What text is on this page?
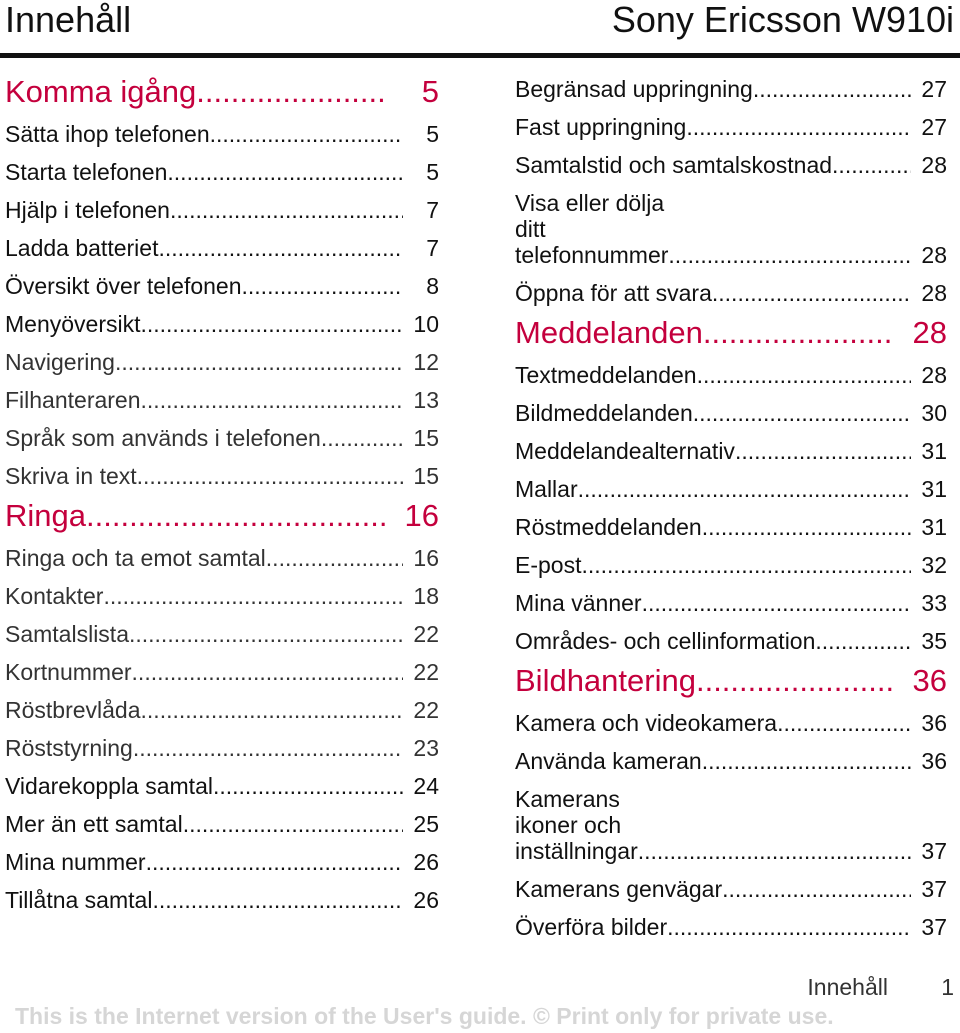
Innehåll	Sony Ericsson W910i
Komma igång .....	5
Sätta ihop telefonen .....	5
Starta telefonen .....	5
Hjälp i telefonen .....	7
Ladda batteriet .....	7
Översikt över telefonen .....	8
Menyöversikt .....	10
Navigering .....	12
Filhanteraren .....	13
Språk som används i telefonen .....	15
Skriva in text .....	15
Ringa .....	16
Ringa och ta emot samtal .....	16
Kontakter .....	18
Samtalslista .....	22
Kortnummer .....	22
Röstbrevlåda .....	22
Röststyrning .....	23
Vidarekoppla samtal .....	24
Mer än ett samtal .....	25
Mina nummer .....	26
Tillåtna samtal .....	26
Begränsad uppringning .....	27
Fast uppringning .....	27
Samtalstid och samtalskostnad .....	28
Visa eller dölja ditt telefonnummer .....	28
Öppna för att svara .....	28
Meddelanden .....	28
Textmeddelanden .....	28
Bildmeddelanden .....	30
Meddelandealternativ .....	31
Mallar .....	31
Röstmeddelanden .....	31
E-post .....	32
Mina vänner .....	33
Områdes- och cellinformation .....	35
Bildhantering .....	36
Kamera och videokamera .....	36
Använda kameran .....	36
Kamerans ikoner och inställningar .....	37
Kamerans genvägar .....	37
Överföra bilder .....	37
Innehåll 1
This is the Internet version of the User's guide. © Print only for private use.
